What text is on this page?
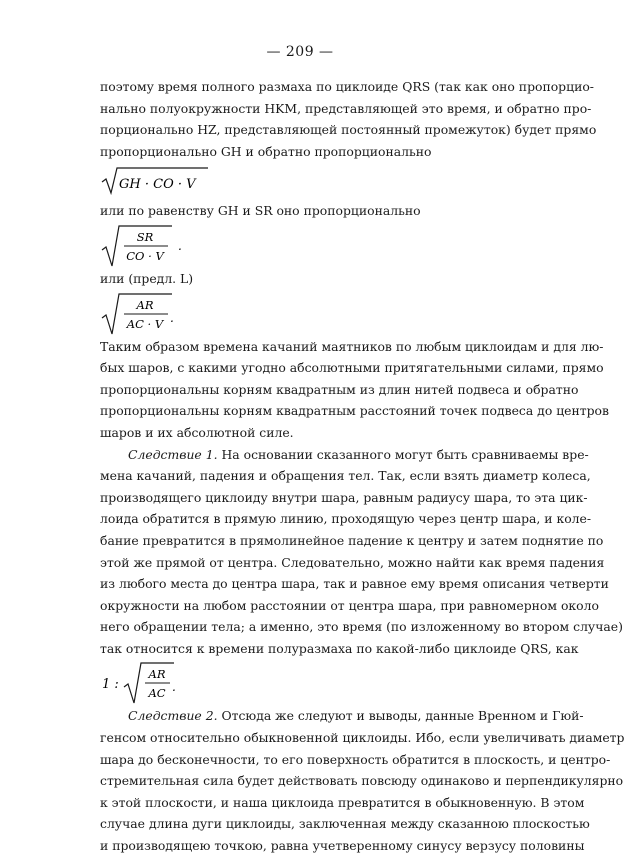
— 209 —
поэтому время полного размаха по циклоиде QRS (так как оно пропорцио-
нально полуокружности HKM, представляющей это время, и обратно про-
порционально HZ, представляющей постоянный промежуток) будет прямо
пропорционально GH и обратно пропорционально
GH · CO · V
или по равенству GH и SR оно пропорционально
SR
CO · V
.
или (предл. L)
AR
AC · V .
Таким образом времена качаний маятников по любым циклоидам и для лю-
бых шаров, с какими угодно абсолютными притягательными силами, прямо
пропорциональны корням квадратным из длин нитей подвеса и обратно
пропорциональны корням квадратным расстояний точек подвеса до центров
шаров и их абсолютной силе.
Следствие 1. На основании сказанного могут быть сравниваемы вре-
мена качаний, падения и обращения тел. Так, если взять диаметр колеса,
производящего циклоиду внутри шара, равным радиусу шара, то эта цик-
лоида обратится в прямую линию, проходящую через центр шара, и коле-
бание превратится в прямолинейное падение к центру и затем поднятие по
этой же прямой от центра. Следовательно, можно найти как время падения
из любого места до центра шара, так и равное ему время описания четверти
окружности на любом расстоянии от центра шара, при равномерном около
него обращении тела; а именно, это время (по изложенному во втором случае)
так относится к времени полуразмаха по какой-либо циклоиде QRS, как
1 :
AR
AC .
Следствие 2. Отсюда же следуют и выводы, данные Вренном и Гюй-
генсом относительно обыкновенной циклоиды. Ибо, если увеличивать диаметр
шара до бесконечности, то его поверхность обратится в плоскость, и центро-
стремительная сила будет действовать повсюду одинаково и перпендикулярно
к этой плоскости, и наша циклоида превратится в обыкновенную. В этом
случае длина дуги циклоиды, заключенная между сказанною плоскостью
и производящею точкою, равна учетверенному синусу верзусу половины
